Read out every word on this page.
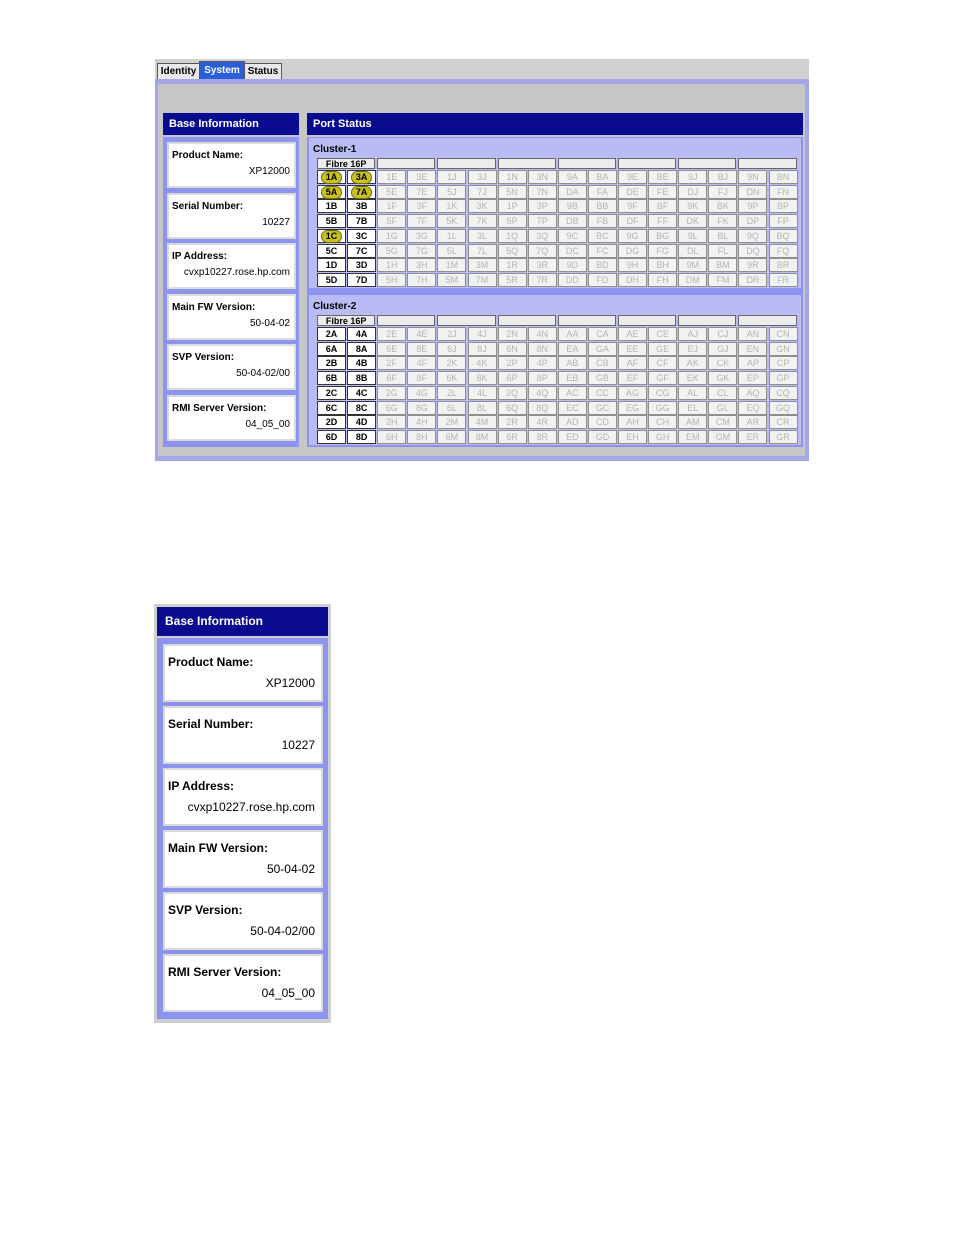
Identity System Status
Base Information
Product Name:
XP12000
Serial Number:
10227
IP Address:
cvxp10227.rose.hp.com
Main FW Version:
50-04-02
SVP Version:
50-04-02/00
RMI Server Version:
04_05_00
Port Status
Cluster-1
Fibre 16P
1A	3A	1E	3E	1J	3J	1N	3N	9A	BA	9E	BE	9J	BJ	9N	BN
5A	7A	5E	7E	5J	7J	5N	7N	DA	FA	DE	FE	DJ	FJ	DN	FN
1B	3B	1F	3F	1K	3K	1P	3P	9B	BB	9F	BF	9K	BK	9P	BP
5B	7B	5F	7F	5K	7K	5P	7P	DB	FB	DF	FF	DK	FK	DP	FP
1C	3C	1G	3G	1L	3L	1Q	3Q	9C	BC	9G	BG	9L	BL	9Q	BQ
5C	7C	5G	7G	5L	7L	5Q	7Q	DC	FC	DG	FG	DL	FL	DQ	FQ
1D	3D	1H	3H	1M	3M	1R	3R	9D	BD	9H	BH	9M	BM	9R	BR
5D	7D	5H	7H	5M	7M	5R	7R	DD	FD	DH	FH	DM	FM	DR	FR
Cluster-2
Fibre 16P
2A	4A	2E	4E	2J	4J	2N	4N	AA	CA	AE	CE	AJ	CJ	AN	CN
6A	8A	6E	8E	6J	8J	6N	8N	EA	GA	EE	GE	EJ	GJ	EN	GN
2B	4B	2F	4F	2K	4K	2P	4P	AB	CB	AF	CF	AK	CK	AP	CP
6B	8B	6F	8F	6K	8K	6P	8P	EB	GB	EF	GF	EK	GK	EP	GP
2C	4C	2G	4G	2L	4L	2Q	4Q	AC	CC	AG	CG	AL	CL	AQ	CQ
6C	8C	6G	8G	6L	8L	6Q	8Q	EC	GC	EG	GG	EL	GL	EQ	GQ
2D	4D	2H	4H	2M	4M	2R	4R	AD	CD	AH	CH	AM	CM	AR	CR
6D	8D	6H	8H	6M	8M	6R	8R	ED	GD	EH	GH	EM	GM	ER	GR
Base Information
Product Name:
XP12000
Serial Number:
10227
IP Address:
cvxp10227.rose.hp.com
Main FW Version:
50-04-02
SVP Version:
50-04-02/00
RMI Server Version:
04_05_00
